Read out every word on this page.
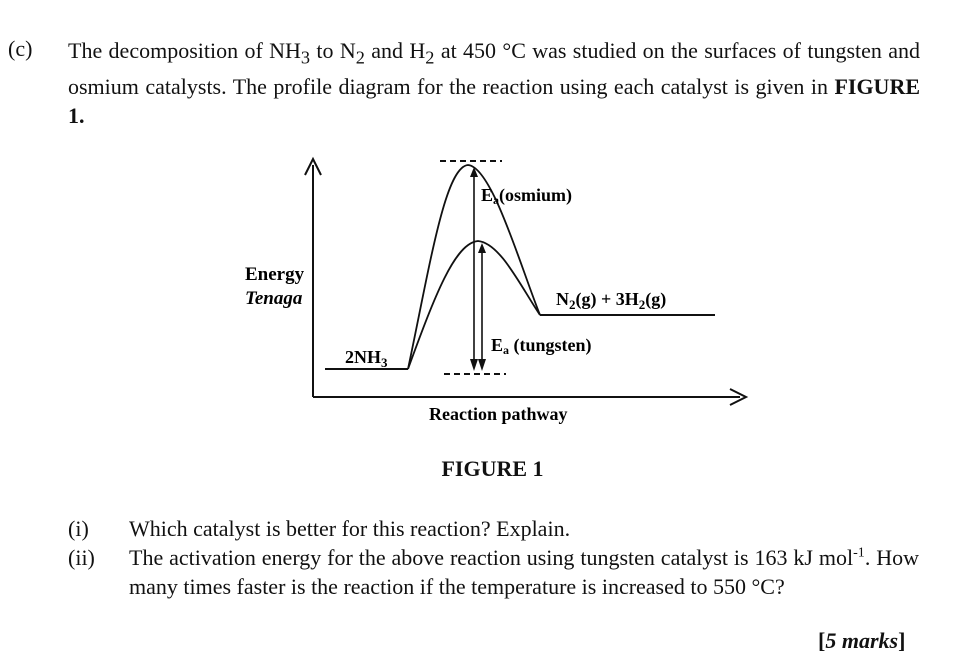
(c) The decomposition of $NH_3$ to $N_2$ and $H_2$ at 450 °C was studied on the surfaces of tungsten and osmium catalysts. The profile diagram for the reaction using each catalyst is given in FIGURE 1.

Energy
Tenaga
$2NH_3$
$N_2(g) + 3H_2(g)$
Ea(osmium)
Ea (tungsten)
Reaction pathway
FIGURE 1
(i) Which catalyst is better for this reaction? Explain.
(ii) The activation energy for the above reaction using tungsten catalyst is 163 kJ mol$^{-1}$. How many times faster is the reaction if the temperature is increased to 550 °C?
[5 marks]
